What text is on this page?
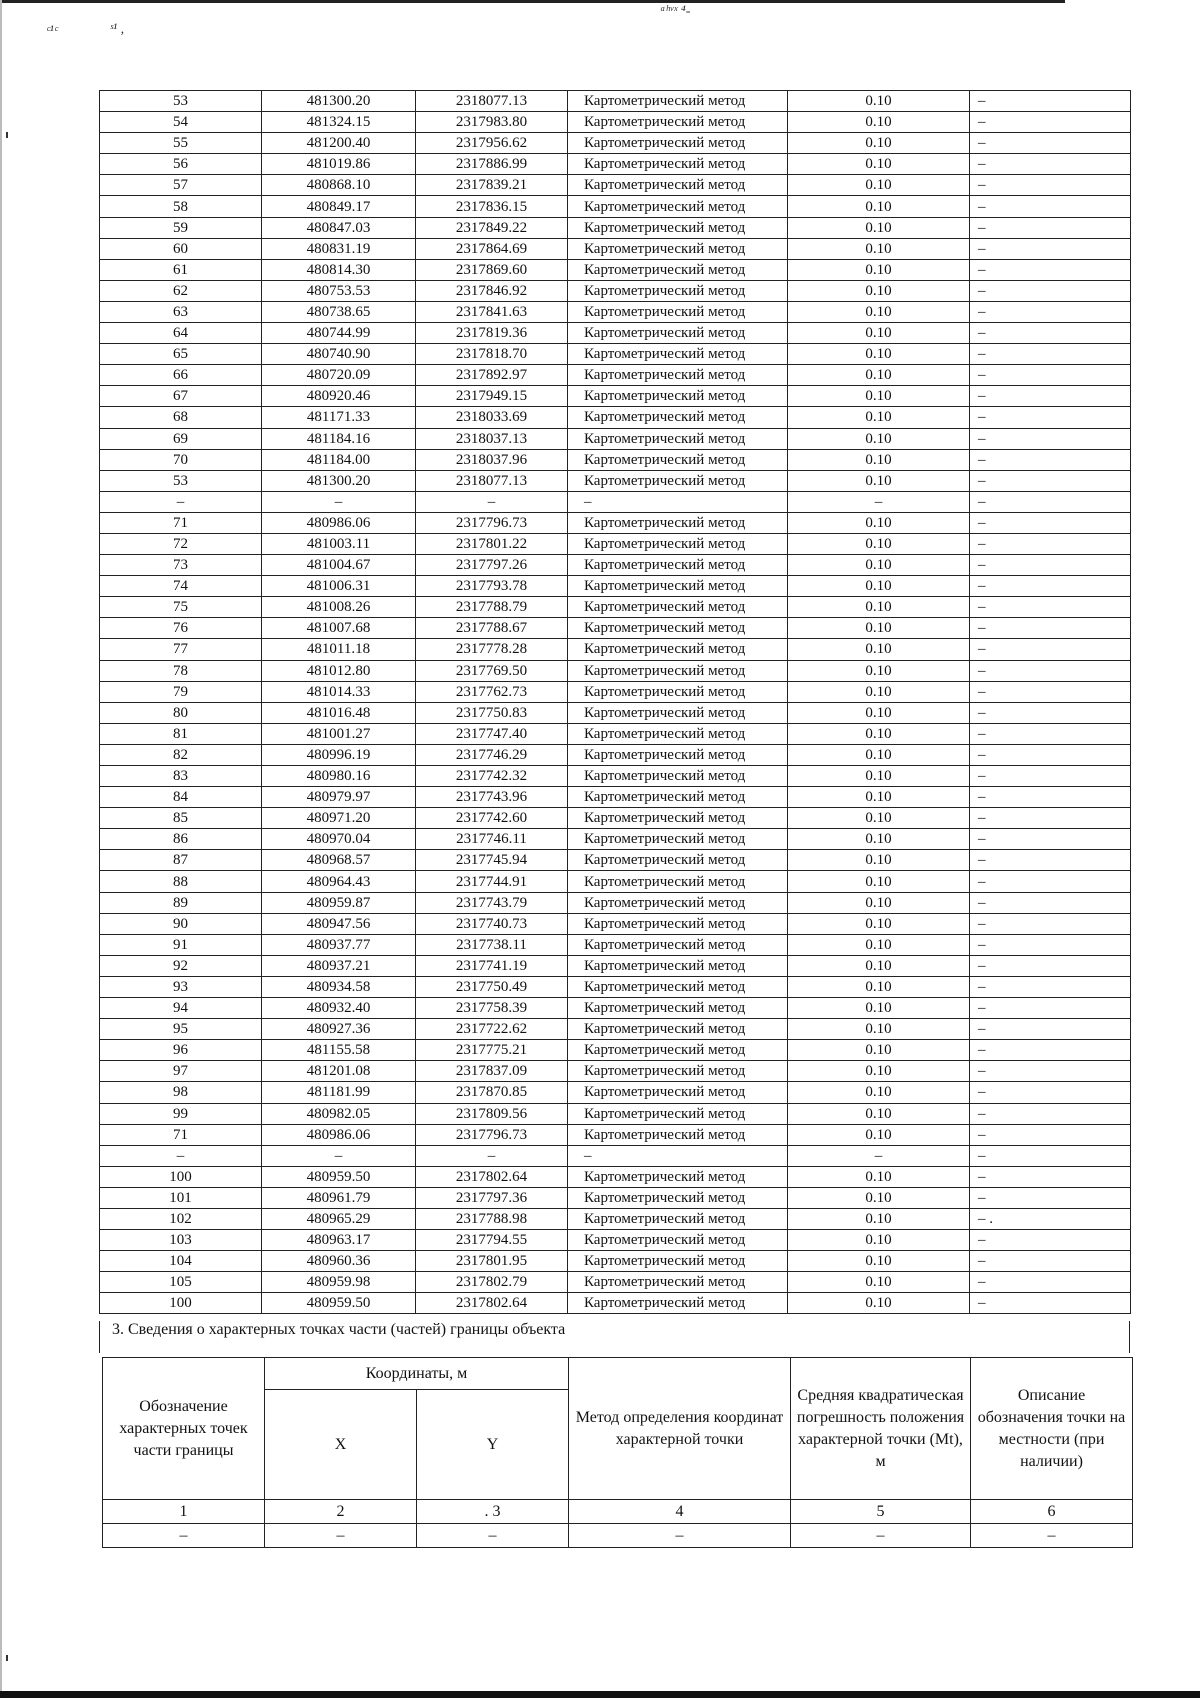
ᶜ¹ᶜ	ˢ¹ ,
ᵃʰᵛˣ ⁴-
53	481300.20	2318077.13	Картометрический метод	0.10	–
54	481324.15	2317983.80	Картометрический метод	0.10	–
55	481200.40	2317956.62	Картометрический метод	0.10	–
56	481019.86	2317886.99	Картометрический метод	0.10	–
57	480868.10	2317839.21	Картометрический метод	0.10	–
58	480849.17	2317836.15	Картометрический метод	0.10	–
59	480847.03	2317849.22	Картометрический метод	0.10	–
60	480831.19	2317864.69	Картометрический метод	0.10	–
61	480814.30	2317869.60	Картометрический метод	0.10	–
62	480753.53	2317846.92	Картометрический метод	0.10	–
63	480738.65	2317841.63	Картометрический метод	0.10	–
64	480744.99	2317819.36	Картометрический метод	0.10	–
65	480740.90	2317818.70	Картометрический метод	0.10	–
66	480720.09	2317892.97	Картометрический метод	0.10	–
67	480920.46	2317949.15	Картометрический метод	0.10	–
68	481171.33	2318033.69	Картометрический метод	0.10	–
69	481184.16	2318037.13	Картометрический метод	0.10	–
70	481184.00	2318037.96	Картометрический метод	0.10	–
53	481300.20	2318077.13	Картометрический метод	0.10	–
–	–	–	–	–	–
71	480986.06	2317796.73	Картометрический метод	0.10	–
72	481003.11	2317801.22	Картометрический метод	0.10	–
73	481004.67	2317797.26	Картометрический метод	0.10	–
74	481006.31	2317793.78	Картометрический метод	0.10	–
75	481008.26	2317788.79	Картометрический метод	0.10	–
76	481007.68	2317788.67	Картометрический метод	0.10	–
77	481011.18	2317778.28	Картометрический метод	0.10	–
78	481012.80	2317769.50	Картометрический метод	0.10	–
79	481014.33	2317762.73	Картометрический метод	0.10	–
80	481016.48	2317750.83	Картометрический метод	0.10	–
81	481001.27	2317747.40	Картометрический метод	0.10	–
82	480996.19	2317746.29	Картометрический метод	0.10	–
83	480980.16	2317742.32	Картометрический метод	0.10	–
84	480979.97	2317743.96	Картометрический метод	0.10	–
85	480971.20	2317742.60	Картометрический метод	0.10	–
86	480970.04	2317746.11	Картометрический метод	0.10	–
87	480968.57	2317745.94	Картометрический метод	0.10	–
88	480964.43	2317744.91	Картометрический метод	0.10	–
89	480959.87	2317743.79	Картометрический метод	0.10	–
90	480947.56	2317740.73	Картометрический метод	0.10	–
91	480937.77	2317738.11	Картометрический метод	0.10	–
92	480937.21	2317741.19	Картометрический метод	0.10	–
93	480934.58	2317750.49	Картометрический метод	0.10	–
94	480932.40	2317758.39	Картометрический метод	0.10	–
95	480927.36	2317722.62	Картометрический метод	0.10	–
96	481155.58	2317775.21	Картометрический метод	0.10	–
97	481201.08	2317837.09	Картометрический метод	0.10	–
98	481181.99	2317870.85	Картометрический метод	0.10	–
99	480982.05	2317809.56	Картометрический метод	0.10	–
71	480986.06	2317796.73	Картометрический метод	0.10	–
–	–	–	–	–	–
100	480959.50	2317802.64	Картометрический метод	0.10	–
101	480961.79	2317797.36	Картометрический метод	0.10	–
102	480965.29	2317788.98	Картометрический метод	0.10	– .
103	480963.17	2317794.55	Картометрический метод	0.10	–
104	480960.36	2317801.95	Картометрический метод	0.10	–
105	480959.98	2317802.79	Картометрический метод	0.10	–
100	480959.50	2317802.64	Картометрический метод	0.10	–
3. Сведения о характерных точках части (частей) границы объекта
Обозначение характерных точек части границы	Координаты, м		Метод определения координат характерной точки	Средняя квадратическая погрешность положения характерной точки (Mt), м	Описание обозначения точки на местности (при наличии)
	X	Y			
1	2	. 3	4	5	6
–	–	–	–	–	–
